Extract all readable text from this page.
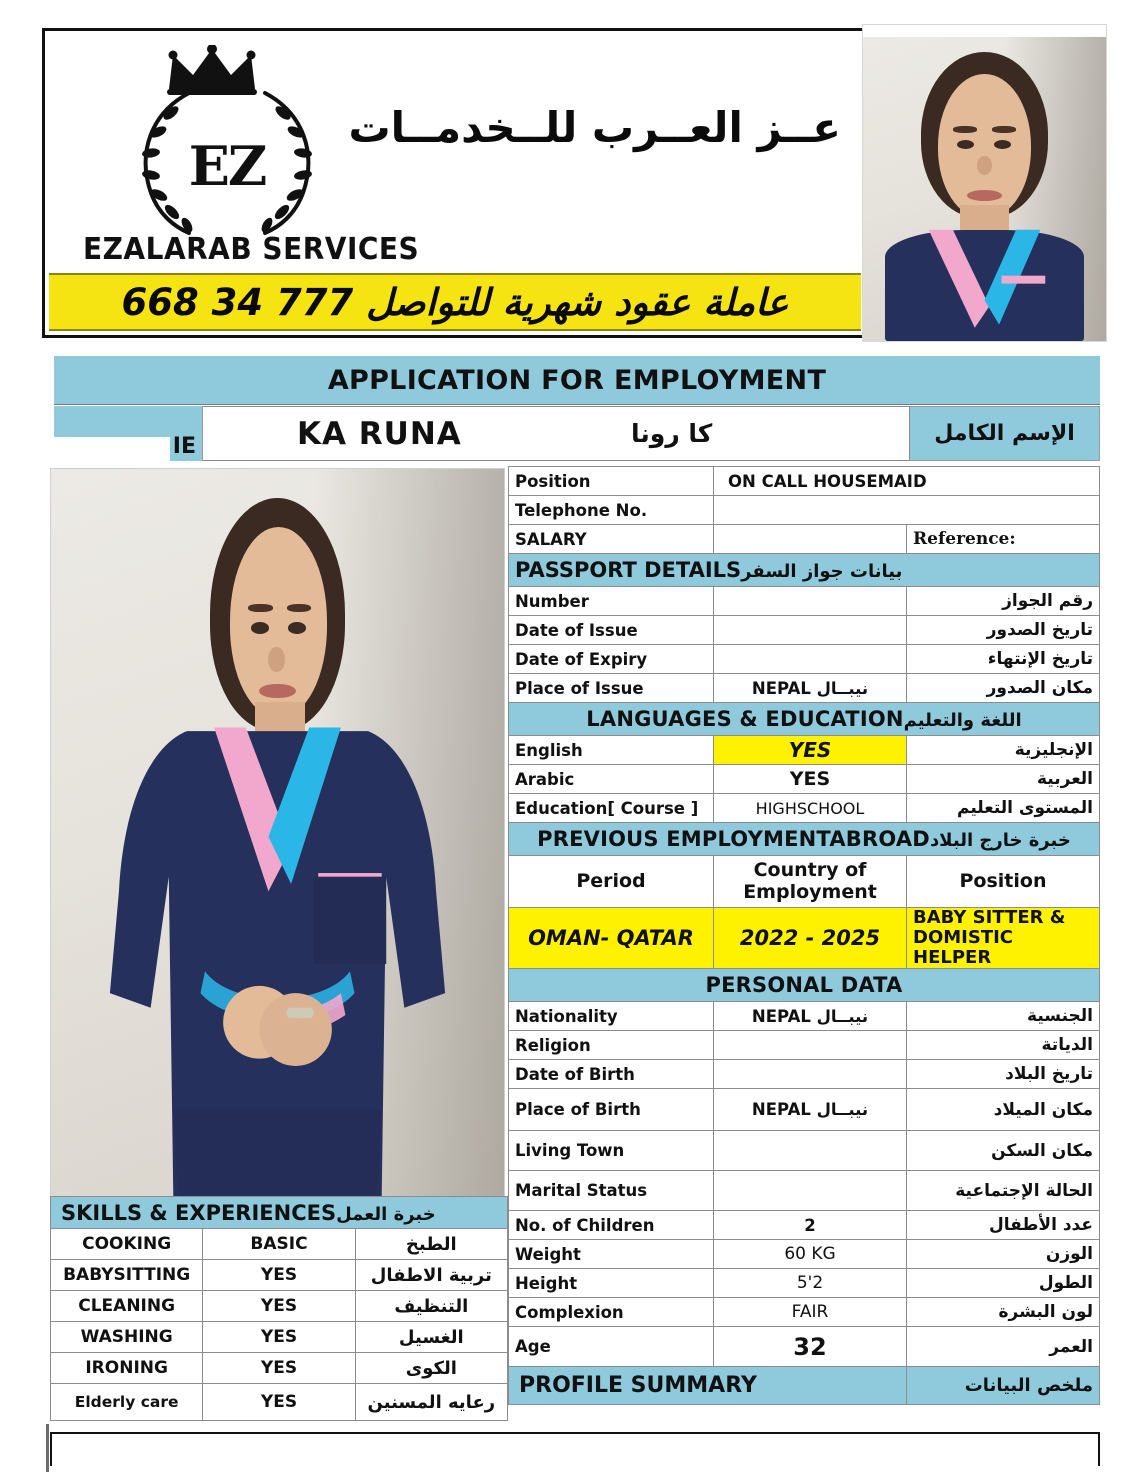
EZ
EZALARAB SERVICES
عــز العــرب للــخدمــات
عاملة عقود شهرية للتواصل 777 34 668
APPLICATION FOR EMPLOYMENT
IE	KA RUNA	كا رونا	الإسم الكامل
Position	ON CALL HOUSEMAID	
Telephone No.		
SALARY		Reference:
PASSPORT DETAILSبيانات جواز السفر		
Number		رقم الجواز
Date of Issue		تاريخ الصدور
Date of Expiry		تاريخ الإنتهاء
Place of Issue	NEPAL نيبــال	مكان الصدور
LANGUAGES & EDUCATIONاللغة والتعليم		
English	YES	الإنجليزية
Arabic	YES	العربية
Education[ Course ]	HIGHSCHOOL	المستوى التعليم
PREVIOUS EMPLOYMENTABROADخبرة خارج البلاد		
Period	Country of Employment	Position
OMAN- QATAR	2022 - 2025	BABY SITTER & DOMISTIC HELPER
PERSONAL DATA		
Nationality	NEPAL نيبــال	الجنسية
Religion		الدياتة
Date of Birth		تاريخ البلاد
Place of Birth	NEPAL نيبــال	مكان الميلاد
Living Town		مكان السكن
Marital Status		الحالة الإجتماعية
No. of Children	2	عدد الأطفال
Weight	60 KG	الوزن
Height	5'2	الطول
Complexion	FAIR	لون البشرة
Age	32	العمر
PROFILE SUMMARY		ملخص البيانات
SKILLS & EXPERIENCESخبرة العمل		
COOKING	BASIC	الطبخ
BABYSITTING	YES	تربية الاطفال
CLEANING	YES	التنظيف
WASHING	YES	الغسيل
IRONING	YES	الكوى
Elderly care	YES	رعايه المسنين
